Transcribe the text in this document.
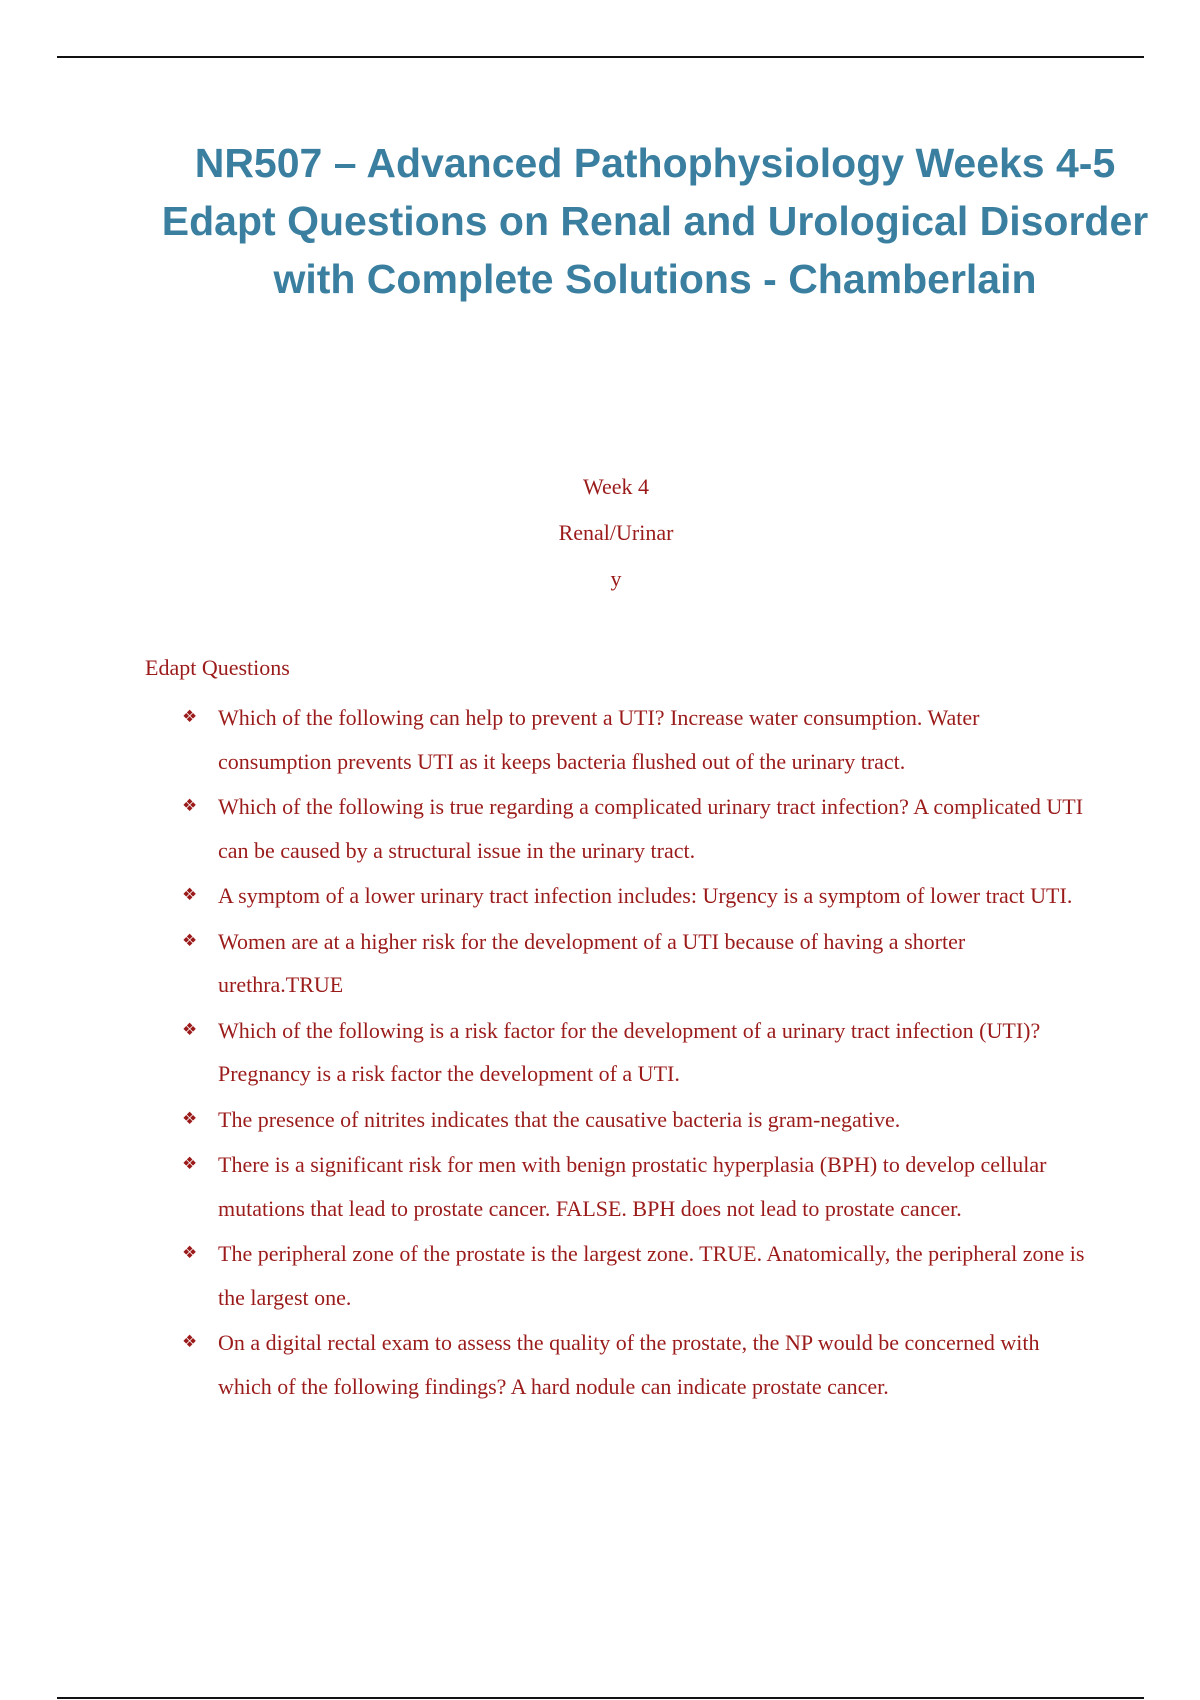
NR507 – Advanced Pathophysiology Weeks 4-5
Edapt Questions on Renal and Urological Disorder
with Complete Solutions - Chamberlain
Week 4
Renal/Urinar
y
Edapt Questions
❖ Which of the following can help to prevent a UTI? Increase water consumption. Water consumption prevents UTI as it keeps bacteria flushed out of the urinary tract.
❖ Which of the following is true regarding a complicated urinary tract infection? A complicated UTI can be caused by a structural issue in the urinary tract.
❖ A symptom of a lower urinary tract infection includes: Urgency is a symptom of lower tract UTI.
❖ Women are at a higher risk for the development of a UTI because of having a shorter urethra.TRUE
❖ Which of the following is a risk factor for the development of a urinary tract infection (UTI)? Pregnancy is a risk factor the development of a UTI.
❖ The presence of nitrites indicates that the causative bacteria is gram-negative.
❖ There is a significant risk for men with benign prostatic hyperplasia (BPH) to develop cellular mutations that lead to prostate cancer. FALSE. BPH does not lead to prostate cancer.
❖ The peripheral zone of the prostate is the largest zone. TRUE. Anatomically, the peripheral zone is the largest one.
❖ On a digital rectal exam to assess the quality of the prostate, the NP would be concerned with which of the following findings? A hard nodule can indicate prostate cancer.
